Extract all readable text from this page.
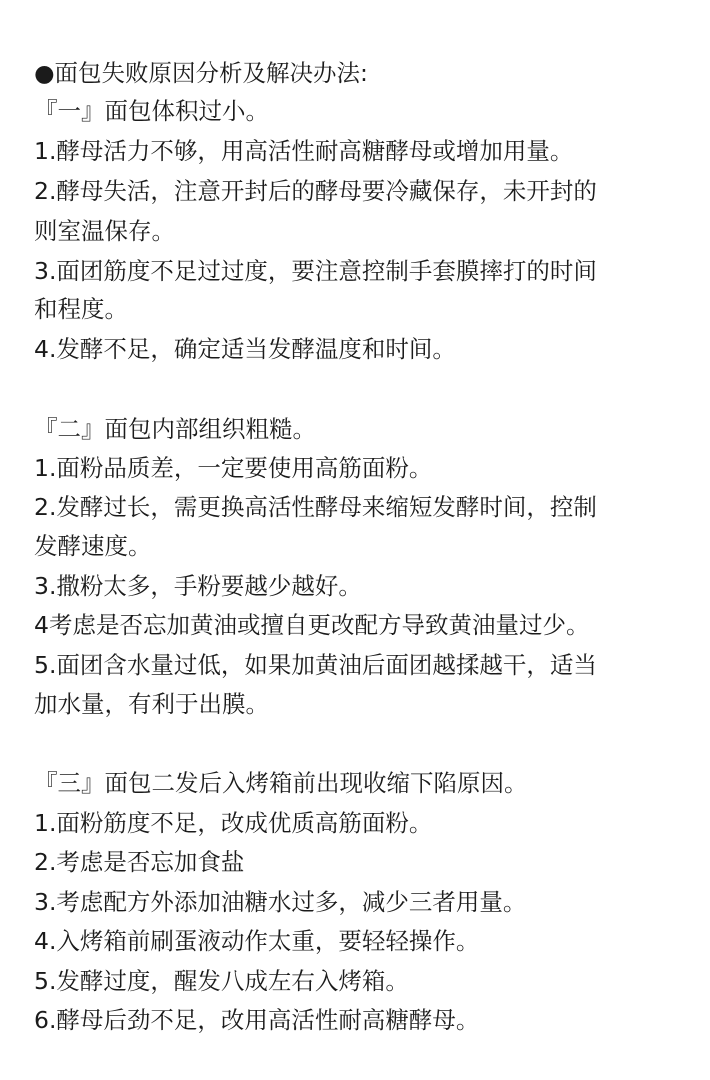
●面包失败原因分析及解决办法:
『一』面包体积过小。
1.酵母活力不够，用高活性耐高糖酵母或增加用量。
2.酵母失活，注意开封后的酵母要冷藏保存，未开封的
则室温保存。
3.面团筋度不足过过度，要注意控制手套膜摔打的时间
和程度。
4.发酵不足，确定适当发酵温度和时间。
『二』面包内部组织粗糙。
1.面粉品质差，一定要使用高筋面粉。
2.发酵过长，需更换高活性酵母来缩短发酵时间，控制
发酵速度。
3.撒粉太多，手粉要越少越好。
4考虑是否忘加黄油或擅自更改配方导致黄油量过少。
5.面团含水量过低，如果加黄油后面团越揉越干，适当
加水量，有利于出膜。
『三』面包二发后入烤箱前出现收缩下陷原因。
1.面粉筋度不足，改成优质高筋面粉。
2.考虑是否忘加食盐
3.考虑配方外添加油糖水过多，减少三者用量。
4.入烤箱前刷蛋液动作太重，要轻轻操作。
5.发酵过度，醒发八成左右入烤箱。
6.酵母后劲不足，改用高活性耐高糖酵母。
